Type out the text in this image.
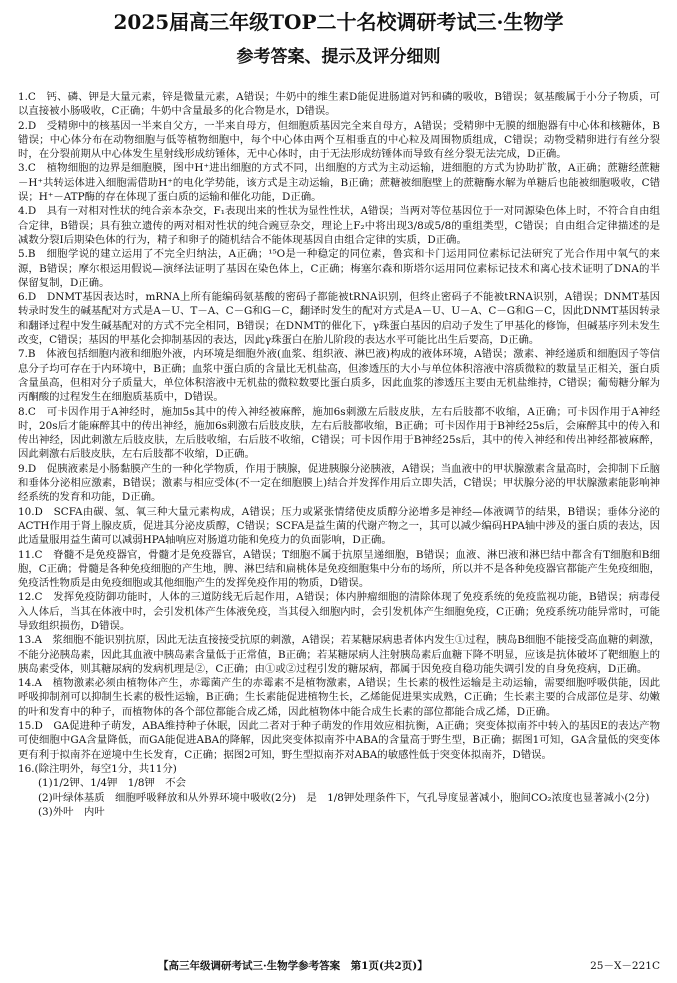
2025届高三年级TOP二十名校调研考试三·生物学
参考答案、提示及评分细则

1.C　钙、磷、钾是大量元素，锌是微量元素，A错误；牛奶中的维生素D能促进肠道对钙和磷的吸收，B错误；氨基酸属于小分子物质，可以直接被小肠吸收，C正确；牛奶中含量最多的化合物是水，D错误。

2.D　受精卵中的核基因一半来自父方，一半来自母方，但细胞质基因完全来自母方，A错误；受精卵中无膜的细胞器有中心体和核糖体，B错误；中心体分布在动物细胞与低等植物细胞中，每个中心体由两个互相垂直的中心粒及周围物质组成，C错误；动物受精卵进行有丝分裂时，在分裂前期从中心体发生星射线形成纺锤体，无中心体时，由于无法形成纺锤体而导致有丝分裂无法完成，D正确。

3.C　植物细胞的边界是细胞膜，图中H⁺进出细胞的方式不同，出细胞的方式为主动运输，进细胞的方式为协助扩散，A正确；蔗糖经蔗糖－H⁺共转运体进入细胞需借助H⁺的电化学势能，该方式是主动运输，B正确；蔗糖被细胞壁上的蔗糖酶水解为单糖后也能被细胞吸收，C错误；H⁺－ATP酶的存在体现了蛋白质的运输和催化功能，D正确。

4.D　具有一对相对性状的纯合亲本杂交，F₁表现出来的性状为显性性状，A错误；当两对等位基因位于一对同源染色体上时，不符合自由组合定律，B错误；具有独立遗传的两对相对性状的纯合豌豆杂交，理论上F₂中将出现3/8或5/8的重组类型，C错误；自由组合定律描述的是减数分裂Ⅰ后期染色体的行为，精子和卵子的随机结合不能体现基因自由组合定律的实质，D正确。

5.B　细胞学说的建立运用了不完全归纳法，A正确；¹⁵O是一种稳定的同位素，鲁宾和卡门运用同位素标记法研究了光合作用中氧气的来源，B错误；摩尔根运用假说—演绎法证明了基因在染色体上，C正确；梅塞尔森和斯塔尔运用同位素标记技术和离心技术证明了DNA的半保留复制，D正确。

6.D　DNMT基因表达时，mRNA上所有能编码氨基酸的密码子都能被tRNA识别，但终止密码子不能被tRNA识别，A错误；DNMT基因转录时发生的碱基配对方式是A－U、T－A、C－G和G－C，翻译时发生的配对方式是A－U、U－A、C－G和G－C，因此DNMT基因转录和翻译过程中发生碱基配对的方式不完全相同，B错误；在DNMT的催化下，γ珠蛋白基因的启动子发生了甲基化的修饰，但碱基序列未发生改变，C错误；基因的甲基化会抑制基因的表达，因此γ珠蛋白在胎儿阶段的表达水平可能比出生后要高，D正确。

7.B　体液包括细胞内液和细胞外液，内环境是细胞外液(血浆、组织液、淋巴液)构成的液体环境，A错误；激素、神经递质和细胞因子等信息分子均可存在于内环境中，B正确；血浆中蛋白质的含量比无机盐高，但渗透压的大小与单位体积溶液中溶质微粒的数量呈正相关，蛋白质含量虽高，但相对分子质量大，单位体积溶液中无机盐的微粒数要比蛋白质多，因此血浆的渗透压主要由无机盐维持，C错误；葡萄糖分解为丙酮酸的过程发生在细胞质基质中，D错误。

8.C　可卡因作用于A神经时，施加5s其中的传入神经被麻醉，施加6s刺激左后肢皮肤，左右后肢都不收缩，A正确；可卡因作用于A神经时，20s后才能麻醉其中的传出神经，施加6s刺激右后肢皮肤，左右后肢都收缩，B正确；可卡因作用于B神经25s后，会麻醉其中的传入和传出神经，因此刺激左后肢皮肤，左后肢收缩，右后肢不收缩，C错误；可卡因作用于B神经25s后，其中的传入神经和传出神经都被麻醉，因此刺激右后肢皮肤，左右后肢都不收缩，D正确。

9.D　促胰液素是小肠黏膜产生的一种化学物质，作用于胰腺，促进胰腺分泌胰液，A错误；当血液中的甲状腺激素含量高时，会抑制下丘脑和垂体分泌相应激素，B错误；激素与相应受体(不一定在细胞膜上)结合并发挥作用后立即失活，C错误；甲状腺分泌的甲状腺激素能影响神经系统的发育和功能，D正确。

10.D　SCFA由碳、氢、氧三种大量元素构成，A错误；压力或紧张情绪使皮质醇分泌增多是神经—体液调节的结果，B错误；垂体分泌的ACTH作用于肾上腺皮质，促进其分泌皮质醇，C错误；SCFA是益生菌的代谢产物之一，其可以减少编码HPA轴中涉及的蛋白质的表达，因此适量服用益生菌可以减弱HPA轴响应对肠道功能和免疫力的负面影响，D正确。

11.C　脊髓不是免疫器官，骨髓才是免疫器官，A错误；T细胞不属于抗原呈递细胞，B错误；血液、淋巴液和淋巴结中都含有T细胞和B细胞，C正确；骨髓是各种免疫细胞的产生地，脾、淋巴结和扁桃体是免疫细胞集中分布的场所，所以并不是各种免疫器官都能产生免疫细胞，免疫活性物质是由免疫细胞或其他细胞产生的发挥免疫作用的物质，D错误。

12.C　发挥免疫防御功能时，人体的三道防线无后起作用，A错误；体内肿瘤细胞的清除体现了免疫系统的免疫监视功能，B错误；病毒侵入人体后，当其在体液中时，会引发机体产生体液免疫，当其侵入细胞内时，会引发机体产生细胞免疫，C正确；免疫系统功能异常时，可能导致组织损伤，D错误。

13.A　浆细胞不能识别抗原，因此无法直接接受抗原的刺激，A错误；若某糖尿病患者体内发生①过程，胰岛B细胞不能接受高血糖的刺激，不能分泌胰岛素，因此其血液中胰岛素含量低于正常值，B正确；若某糖尿病人注射胰岛素后血糖下降不明显，应该是抗体破坏了靶细胞上的胰岛素受体，则其糖尿病的发病机理是②，C正确；由①或②过程引发的糖尿病，都属于因免疫自稳功能失调引发的自身免疫病，D正确。

14.A　植物激素必须由植物体产生，赤霉菌产生的赤霉素不是植物激素，A错误；生长素的极性运输是主动运输，需要细胞呼吸供能，因此呼吸抑制剂可以抑制生长素的极性运输，B正确；生长素能促进植物生长，乙烯能促进果实成熟，C正确；生长素主要的合成部位是芽、幼嫩的叶和发育中的种子，而植物体的各个部位都能合成乙烯，因此植物体中能合成生长素的部位都能合成乙烯，D正确。

15.D　GA促进种子萌发，ABA维持种子休眠，因此二者对于种子萌发的作用效应相抗衡，A正确；突变体拟南芥中转入的基因E的表达产物可使细胞中GA含量降低，而GA能促进ABA的降解，因此突变体拟南芥中ABA的含量高于野生型，B正确；据图1可知，GA含量低的突变体更有利于拟南芥在逆境中生长发育，C正确；据图2可知，野生型拟南芥对ABA的敏感性低于突变体拟南芥，D错误。

16.(除注明外，每空1分，共11分)

(1)1/2钾、1/4钾　1/8钾　不会

(2)叶绿体基质　细胞呼吸释放和从外界环境中吸收(2分)　是　1/8钾处理条件下，气孔导度显著减小，胞间CO₂浓度也显著减小(2分)

(3)外叶　内叶

【高三年级调研考试三·生物学参考答案　第1页(共2页)】	25－X－221C
